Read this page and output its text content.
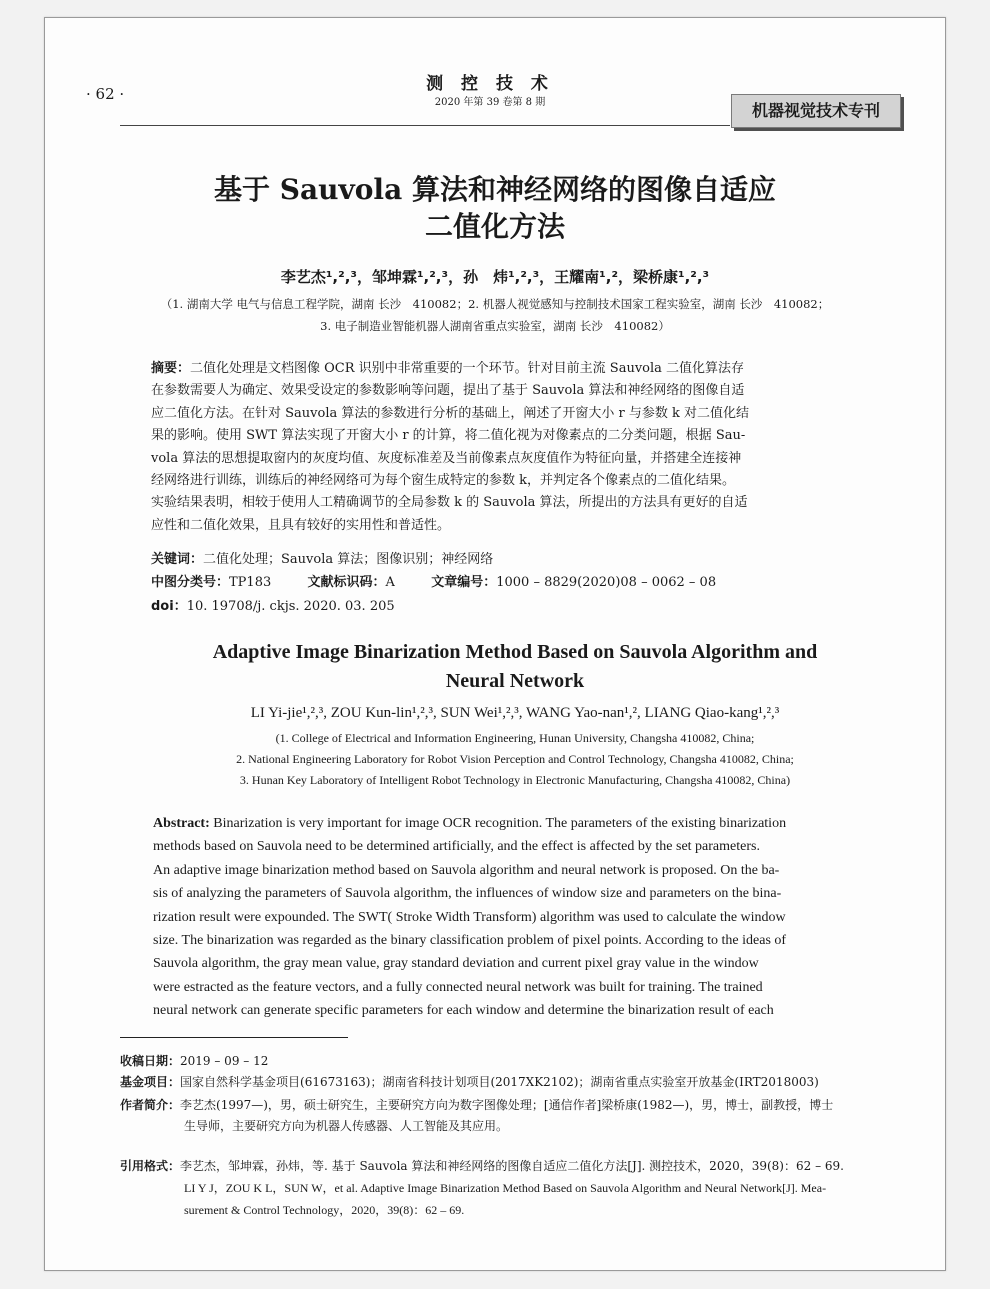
· 62 ·	测 控 技 术
2020 年第 39 卷第 8 期	机器视觉技术专刊
基于 Sauvola 算法和神经网络的图像自适应
二值化方法
李艺杰¹,²,³，邹坤霖¹,²,³，孙　炜¹,²,³，王耀南¹,²，梁桥康¹,²,³
（1. 湖南大学 电气与信息工程学院，湖南 长沙　410082；2. 机器人视觉感知与控制技术国家工程实验室，湖南 长沙　410082；
3. 电子制造业智能机器人湖南省重点实验室，湖南 长沙　410082）
摘要：二值化处理是文档图像 OCR 识别中非常重要的一个环节。针对目前主流 Sauvola 二值化算法存
在参数需要人为确定、效果受设定的参数影响等问题，提出了基于 Sauvola 算法和神经网络的图像自适
应二值化方法。在针对 Sauvola 算法的参数进行分析的基础上，阐述了开窗大小 r 与参数 k 对二值化结
果的影响。使用 SWT 算法实现了开窗大小 r 的计算，将二值化视为对像素点的二分类问题，根据 Sau-
vola 算法的思想提取窗内的灰度均值、灰度标准差及当前像素点灰度值作为特征向量，并搭建全连接神
经网络进行训练，训练后的神经网络可为每个窗生成特定的参数 k，并判定各个像素点的二值化结果。
实验结果表明，相较于使用人工精确调节的全局参数 k 的 Sauvola 算法，所提出的方法具有更好的自适
应性和二值化效果，且具有较好的实用性和普适性。
关键词：二值化处理；Sauvola 算法；图像识别；神经网络
中图分类号：TP183	文献标识码：A	文章编号：1000 – 8829(2020)08 – 0062 – 08
doi：10. 19708/j. ckjs. 2020. 03. 205
Adaptive Image Binarization Method Based on Sauvola Algorithm and
Neural Network
LI Yi-jie¹,²,³, ZOU Kun-lin¹,²,³, SUN Wei¹,²,³, WANG Yao-nan¹,², LIANG Qiao-kang¹,²,³
(1. College of Electrical and Information Engineering, Hunan University, Changsha 410082, China;
2. National Engineering Laboratory for Robot Vision Perception and Control Technology, Changsha 410082, China;
3. Hunan Key Laboratory of Intelligent Robot Technology in Electronic Manufacturing, Changsha 410082, China)
Abstract: Binarization is very important for image OCR recognition. The parameters of the existing binarization
methods based on Sauvola need to be determined artificially, and the effect is affected by the set parameters.
An adaptive image binarization method based on Sauvola algorithm and neural network is proposed. On the ba-
sis of analyzing the parameters of Sauvola algorithm, the influences of window size and parameters on the bina-
rization result were expounded. The SWT( Stroke Width Transform) algorithm was used to calculate the window
size. The binarization was regarded as the binary classification problem of pixel points. According to the ideas of
Sauvola algorithm, the gray mean value, gray standard deviation and current pixel gray value in the window
were estracted as the feature vectors, and a fully connected neural network was built for training. The trained
neural network can generate specific parameters for each window and determine the binarization result of each
收稿日期：2019 – 09 – 12
基金项目：国家自然科学基金项目(61673163)；湖南省科技计划项目(2017XK2102)；湖南省重点实验室开放基金(IRT2018003)
作者简介：李艺杰(1997—)，男，硕士研究生，主要研究方向为数字图像处理；[通信作者]梁桥康(1982—)，男，博士，副教授，博士
生导师，主要研究方向为机器人传感器、人工智能及其应用。
引用格式：李艺杰，邹坤霖，孙炜，等. 基于 Sauvola 算法和神经网络的图像自适应二值化方法[J]. 测控技术，2020，39(8)：62 – 69.
LI Y J，ZOU K L，SUN W，et al. Adaptive Image Binarization Method Based on Sauvola Algorithm and Neural Network[J]. Mea-
surement & Control Technology，2020，39(8)：62 – 69.
